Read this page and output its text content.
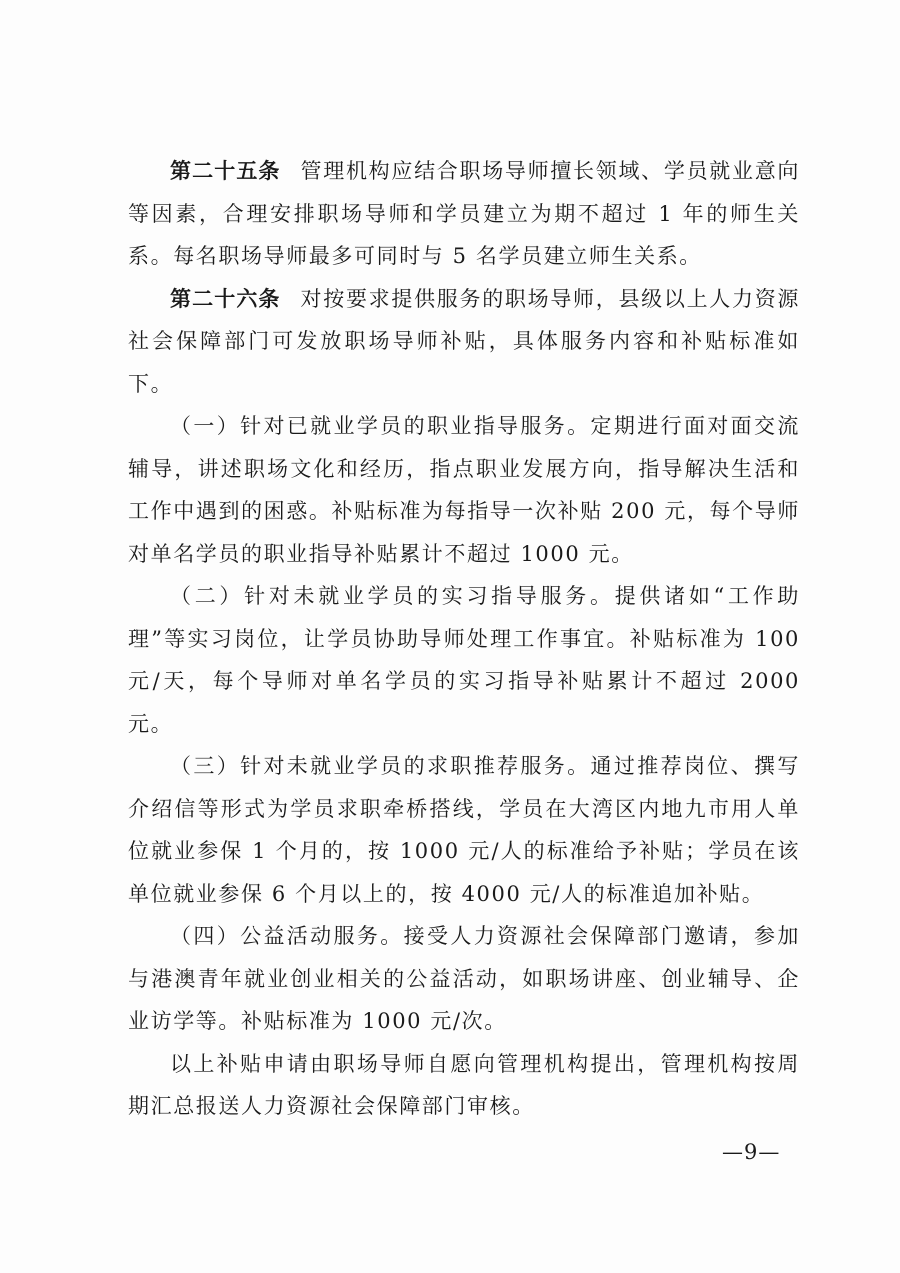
第二十五条 管理机构应结合职场导师擅长领域、学员就业意向等因素，合理安排职场导师和学员建立为期不超过 1 年的师生关系。每名职场导师最多可同时与 5 名学员建立师生关系。

第二十六条 对按要求提供服务的职场导师，县级以上人力资源社会保障部门可发放职场导师补贴，具体服务内容和补贴标准如下。

（一）针对已就业学员的职业指导服务。定期进行面对面交流辅导，讲述职场文化和经历，指点职业发展方向，指导解决生活和工作中遇到的困惑。补贴标准为每指导一次补贴 200 元，每个导师对单名学员的职业指导补贴累计不超过 1000 元。

（二）针对未就业学员的实习指导服务。提供诸如“工作助理”等实习岗位，让学员协助导师处理工作事宜。补贴标准为 100 元/天，每个导师对单名学员的实习指导补贴累计不超过 2000 元。

（三）针对未就业学员的求职推荐服务。通过推荐岗位、撰写介绍信等形式为学员求职牵桥搭线，学员在大湾区内地九市用人单位就业参保 1 个月的，按 1000 元/人的标准给予补贴；学员在该单位就业参保 6 个月以上的，按 4000 元/人的标准追加补贴。

（四）公益活动服务。接受人力资源社会保障部门邀请，参加与港澳青年就业创业相关的公益活动，如职场讲座、创业辅导、企业访学等。补贴标准为 1000 元/次。

以上补贴申请由职场导师自愿向管理机构提出，管理机构按周期汇总报送人力资源社会保障部门审核。

—9—
